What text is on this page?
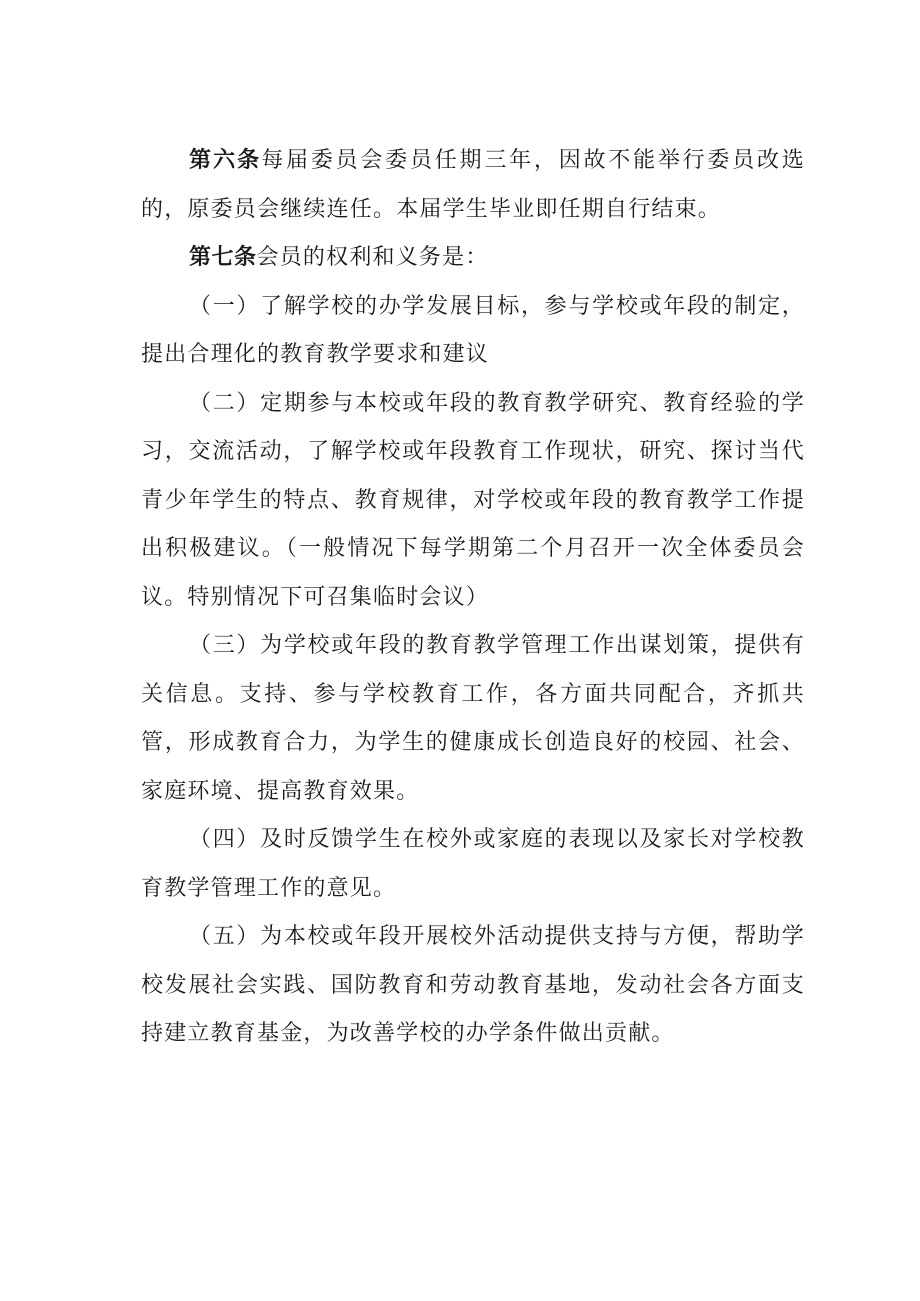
第六条每届委员会委员任期三年，因故不能举行委员改选的，原委员会继续连任。本届学生毕业即任期自行结束。

第七条会员的权利和义务是：

（一）了解学校的办学发展目标，参与学校或年段的制定，提出合理化的教育教学要求和建议

（二）定期参与本校或年段的教育教学研究、教育经验的学习，交流活动，了解学校或年段教育工作现状，研究、探讨当代青少年学生的特点、教育规律，对学校或年段的教育教学工作提出积极建议。（一般情况下每学期第二个月召开一次全体委员会议。特别情况下可召集临时会议）

（三）为学校或年段的教育教学管理工作出谋划策，提供有关信息。支持、参与学校教育工作，各方面共同配合，齐抓共管，形成教育合力，为学生的健康成长创造良好的校园、社会、家庭环境、提高教育效果。

（四）及时反馈学生在校外或家庭的表现以及家长对学校教育教学管理工作的意见。

（五）为本校或年段开展校外活动提供支持与方便，帮助学校发展社会实践、国防教育和劳动教育基地，发动社会各方面支持建立教育基金，为改善学校的办学条件做出贡献。
